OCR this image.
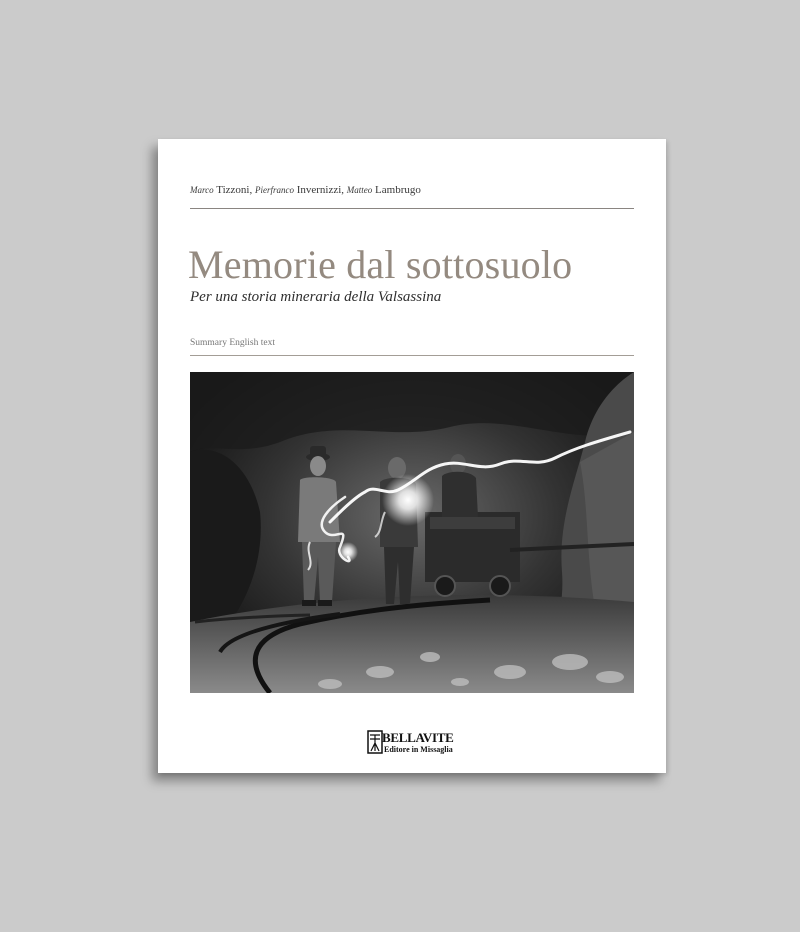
Marco Tizzoni, Pierfranco Invernizzi, Matteo Lambrugo
Memorie dal sottosuolo
Per una storia mineraria della Valsassina
Summary English text
BELLAVITE
Editore in Missaglia
